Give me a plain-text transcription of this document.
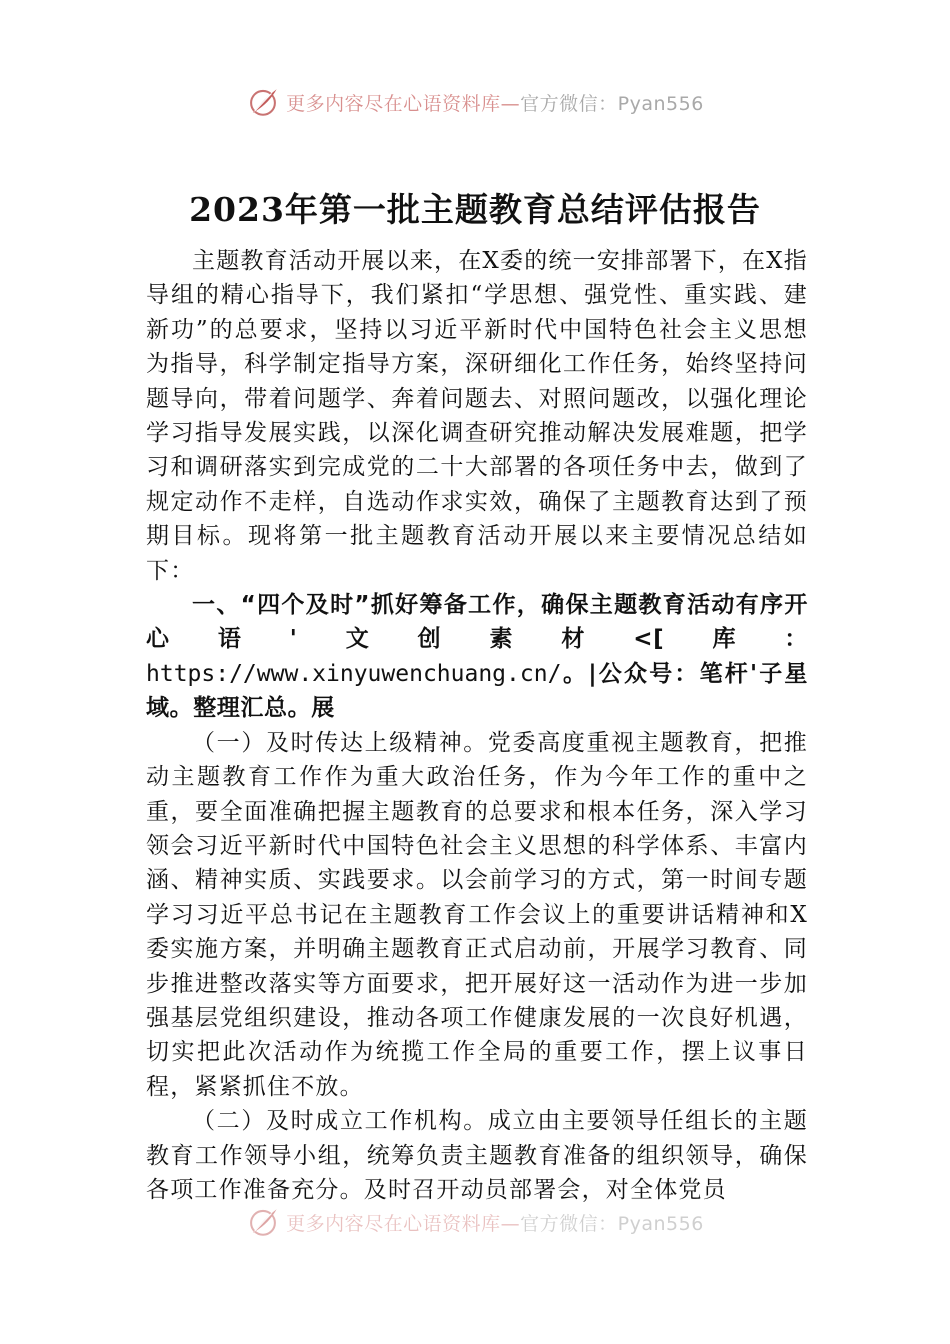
更多内容尽在心语资料库—官方微信：Pyan556
2023年第一批主题教育总结评估报告

主题教育活动开展以来，在X委的统一安排部署下，在X指导组的精心指导下，我们紧扣“学思想、强党性、重实践、建新功”的总要求，坚持以习近平新时代中国特色社会主义思想为指导，科学制定指导方案，深研细化工作任务，始终坚持问题导向，带着问题学、奔着问题去、对照问题改，以强化理论学习指导发展实践，以深化调查研究推动解决发展难题，把学习和调研落实到完成党的二十大部署的各项任务中去，做到了规定动作不走样，自选动作求实效，确保了主题教育达到了预期目标。现将第一批主题教育活动开展以来主要情况总结如下：

一、“四个及时”抓好筹备工作，确保主题教育活动有序开心语'文创素材<[库： https://www.xinyuwenchuang.cn/。|公众号：笔杆'子星域。整理汇总。展

（一）及时传达上级精神。党委高度重视主题教育，把推动主题教育工作作为重大政治任务，作为今年工作的重中之重，要全面准确把握主题教育的总要求和根本任务，深入学习领会习近平新时代中国特色社会主义思想的科学体系、丰富内涵、精神实质、实践要求。以会前学习的方式，第一时间专题学习习近平总书记在主题教育工作会议上的重要讲话精神和X委实施方案，并明确主题教育正式启动前，开展学习教育、同步推进整改落实等方面要求，把开展好这一活动作为进一步加强基层党组织建设，推动各项工作健康发展的一次良好机遇，切实把此次活动作为统揽工作全局的重要工作，摆上议事日程，紧紧抓住不放。

（二）及时成立工作机构。成立由主要领导任组长的主题教育工作领导小组，统筹负责主题教育准备的组织领导，确保各项工作准备充分。及时召开动员部署会，对全体党员

更多内容尽在心语资料库—官方微信：Pyan556
